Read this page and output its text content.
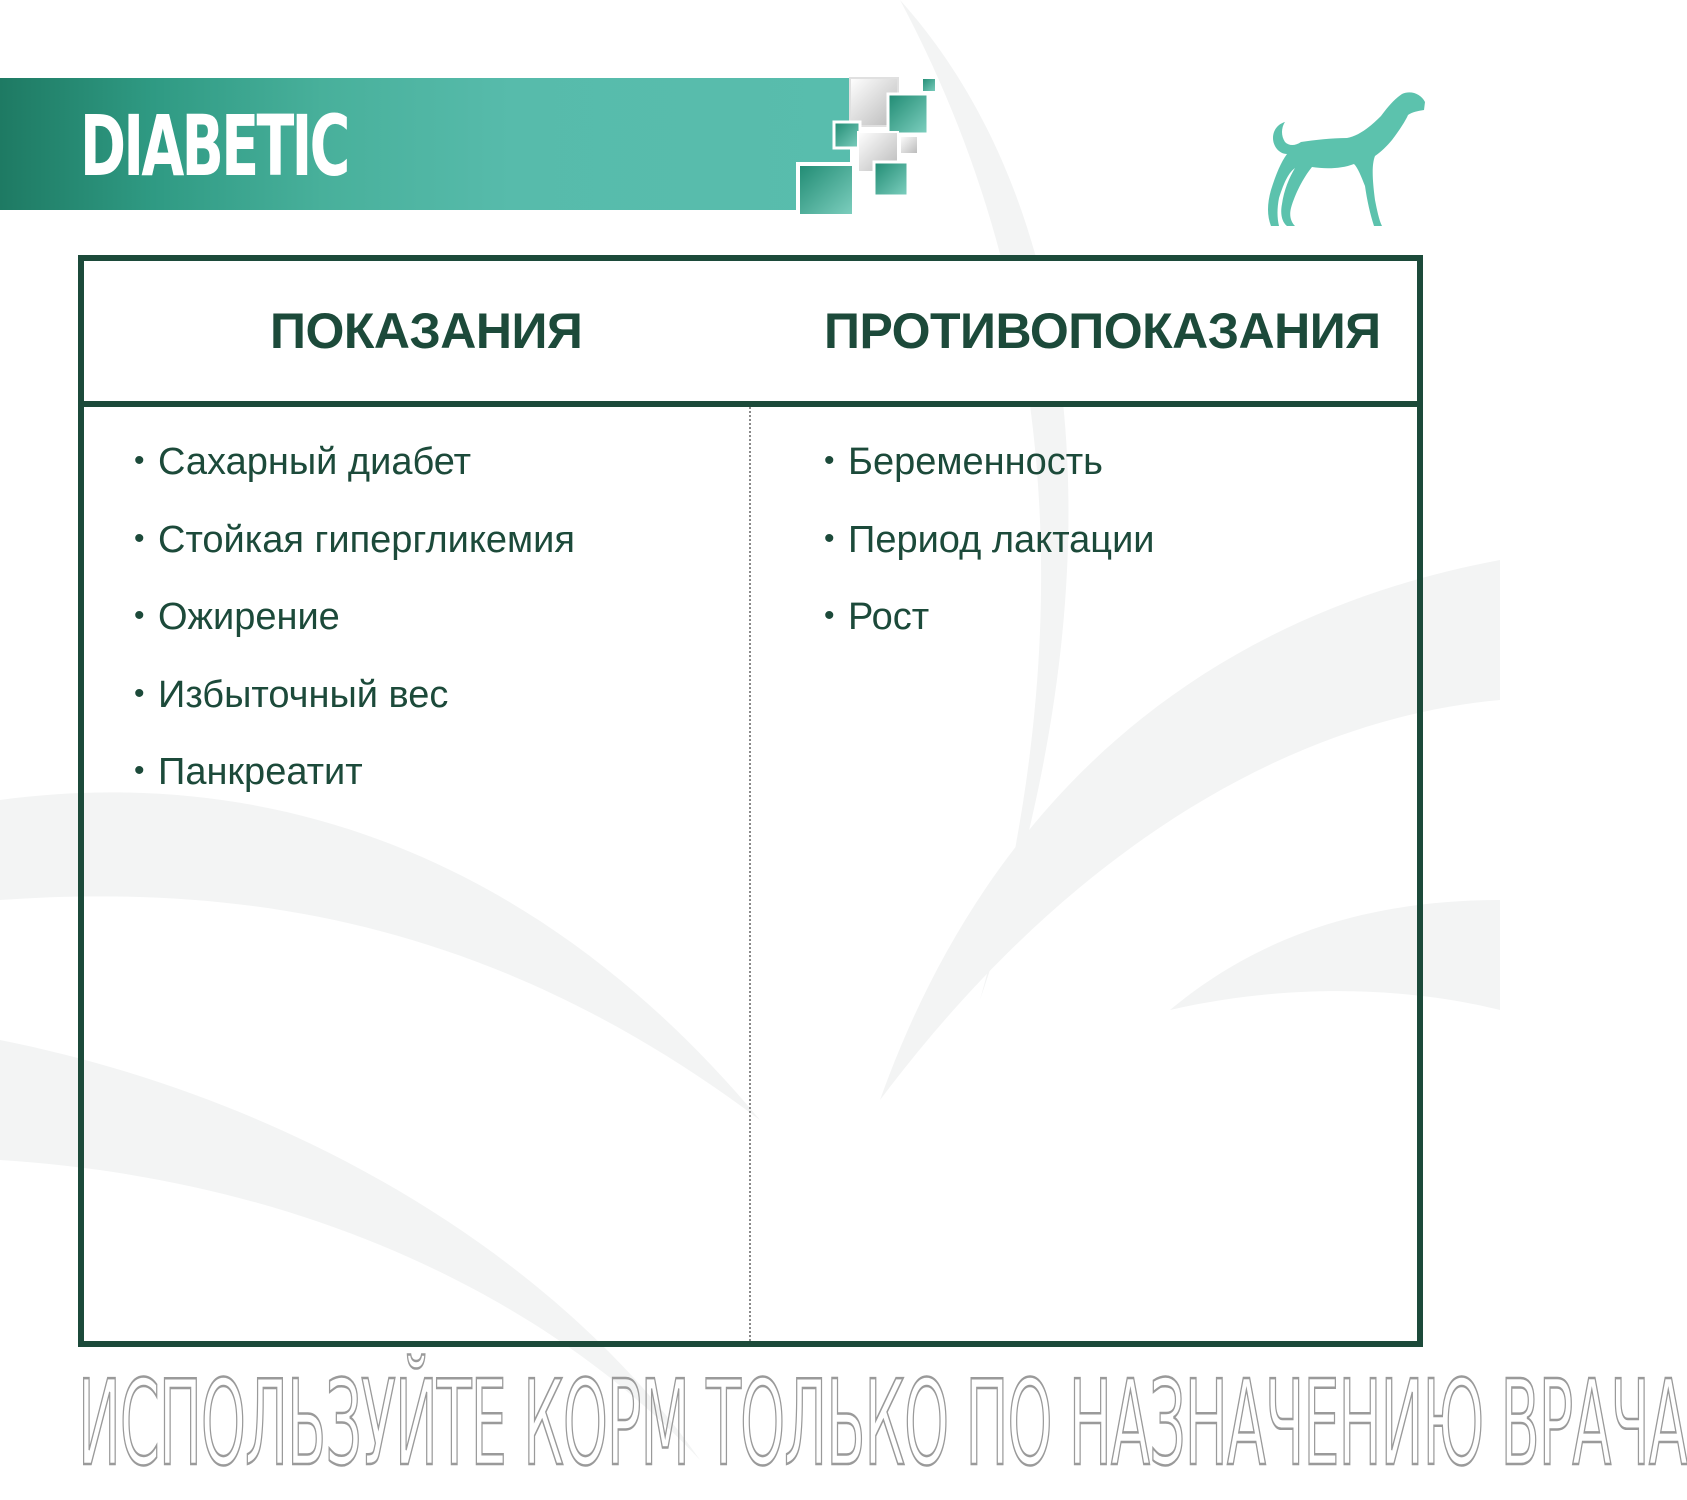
DIABETIC
ПОКАЗАНИЯ	ПРОТИВОПОКАЗАНИЯ
• Сахарный диабет
• Стойкая гипергликемия
• Ожирение
• Избыточный вес
• Панкреатит
• Беременность
• Период лактации
• Рост
ИСПОЛЬЗУЙТЕ КОРМ ТОЛЬКО ПО НАЗНАЧЕНИЮ ВРАЧА
